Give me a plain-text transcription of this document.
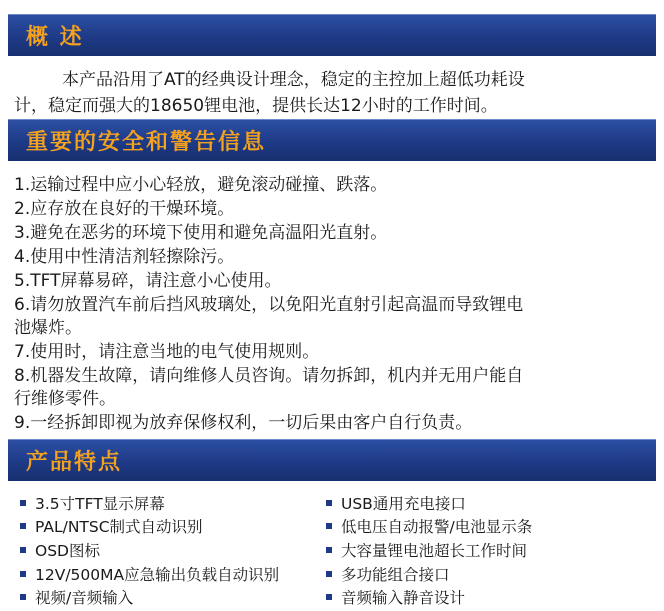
概 述
本产品沿用了AT的经典设计理念，稳定的主控加上超低功耗设
计，稳定而强大的18650锂电池，提供长达12小时的工作时间。
重要的安全和警告信息
1.运输过程中应小心轻放，避免滚动碰撞、跌落。
2.应存放在良好的干燥环境。
3.避免在恶劣的环境下使用和避免高温阳光直射。
4.使用中性清洁剂轻擦除污。
5.TFT屏幕易碎，请注意小心使用。
6.请勿放置汽车前后挡风玻璃处，以免阳光直射引起高温而导致锂电
池爆炸。
7.使用时，请注意当地的电气使用规则。
8.机器发生故障，请向维修人员咨询。请勿拆卸，机内并无用户能自
行维修零件。
9.一经拆卸即视为放弃保修权利，一切后果由客户自行负责。
产品特点
3.5寸TFT显示屏幕
PAL/NTSC制式自动识别
OSD图标
12V/500MA应急输出负载自动识别
视频/音频输入
USB通用充电接口
低电压自动报警/电池显示条
大容量锂电池超长工作时间
多功能组合接口
音频输入静音设计
